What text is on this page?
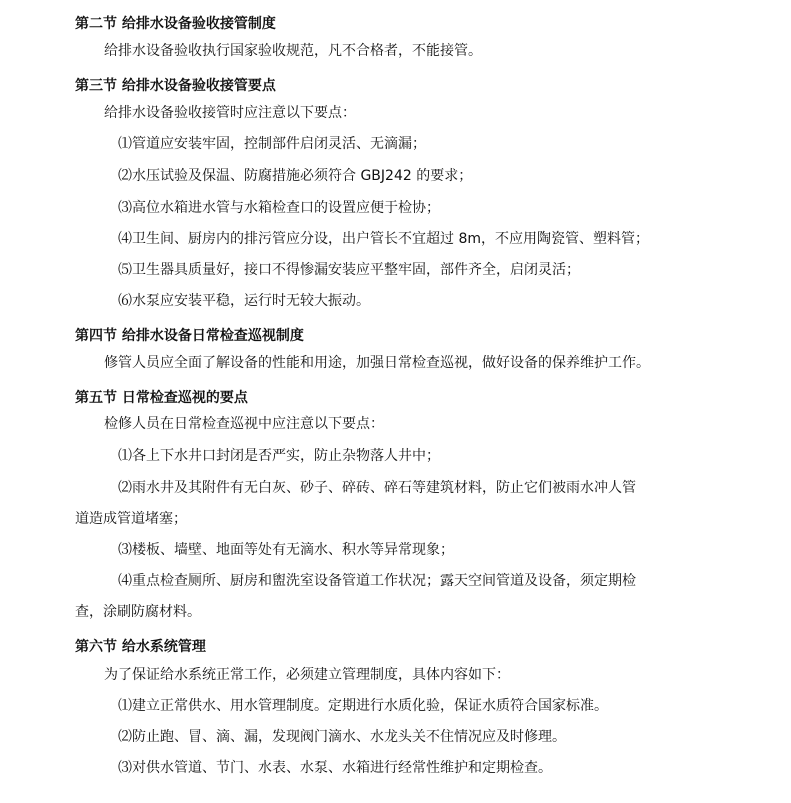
第二节 给排水设备验收接管制度
给排水设备验收执行国家验收规范，凡不合格者，不能接管。
第三节 给排水设备验收接管要点
给排水设备验收接管时应注意以下要点：
⑴管道应安装牢固，控制部件启闭灵活、无滴漏；
⑵水压试验及保温、防腐措施必须符合 GBJ242 的要求；
⑶高位水箱进水管与水箱检查口的设置应便于检协；
⑷卫生间、厨房内的排污管应分设，出户管长不宜超过 8m，不应用陶瓷管、塑料管；
⑸卫生器具质量好，接口不得惨漏安装应平整牢固，部件齐全，启闭灵活；
⑹水泵应安装平稳，运行时无较大振动。
第四节 给排水设备日常检查巡视制度
修管人员应全面了解设备的性能和用途，加强日常检查巡视，做好设备的保养维护工作。
第五节 日常检查巡视的要点
检修人员在日常检查巡视中应注意以下要点：
⑴各上下水井口封闭是否严实，防止杂物落人井中；
⑵雨水井及其附件有无白灰、砂子、碎砖、碎石等建筑材料，防止它们被雨水冲人管
道造成管道堵塞；
⑶楼板、墙壁、地面等处有无滴水、积水等异常现象；
⑷重点检查厕所、厨房和盥洗室设备管道工作状况；露天空间管道及设备，须定期检
查，涂刷防腐材料。
第六节 给水系统管理
为了保证给水系统正常工作，必须建立管理制度，具体内容如下：
⑴建立正常供水、用水管理制度。定期进行水质化验，保证水质符合国家标准。
⑵防止跑、冒、滴、漏，发现阀门滴水、水龙头关不住情况应及时修理。
⑶对供水管道、节门、水表、水泵、水箱进行经常性维护和定期检查。
